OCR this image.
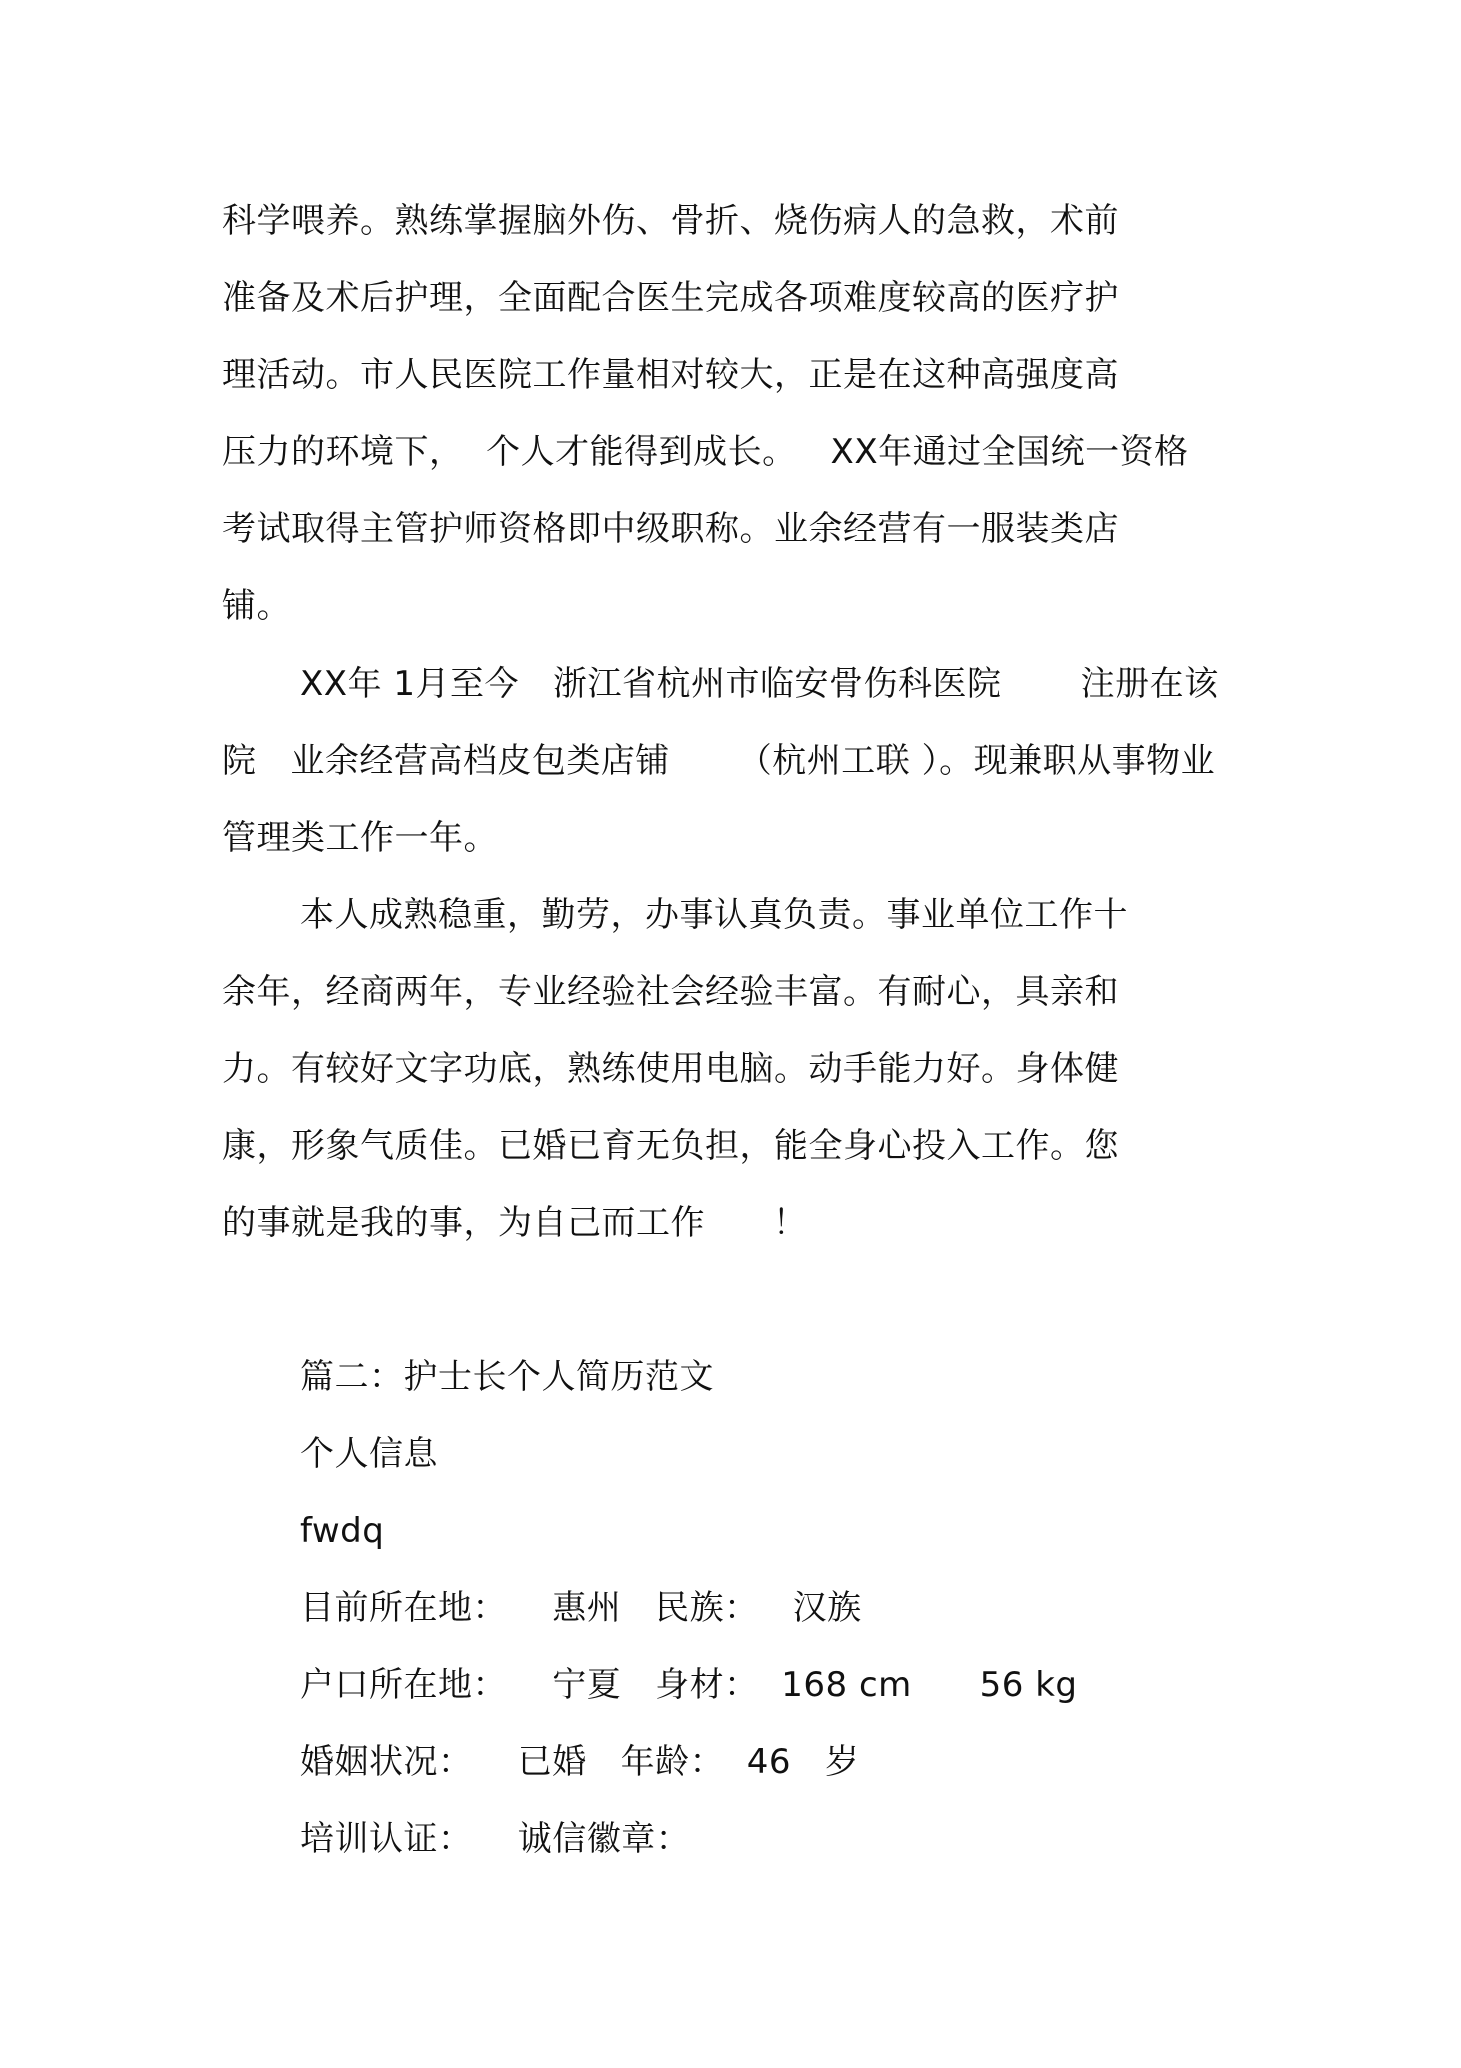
科学喂养。熟练掌握脑外伤、骨折、烧伤病人的急救，术前
准备及术后护理，全面配合医生完成各项难度较高的医疗护
理活动。市人民医院工作量相对较大，正是在这种高强度高
压力的环境下，  个人才能得到成长。   XX年通过全国统一资格
考试取得主管护师资格即中级职称。业余经营有一服装类店
铺。
XX年 1月至今   浙江省杭州市临安骨伤科医院       注册在该
院   业余经营高档皮包类店铺      （杭州工联 ）。现兼职从事物业
管理类工作一年。
本人成熟稳重，勤劳，办事认真负责。事业单位工作十
余年，经商两年，专业经验社会经验丰富。有耐心，具亲和
力。有较好文字功底，熟练使用电脑。动手能力好。身体健
康，形象气质佳。已婚已育无负担，能全身心投入工作。您
的事就是我的事，为自己而工作      ！
篇二：护士长个人简历范文
个人信息
fwdq
目前所在地：    惠州   民族：   汉族
户口所在地：    宁夏   身材：  168 cm      56 kg
婚姻状况：    已婚   年龄：  46   岁
培训认证：    诚信徽章：
